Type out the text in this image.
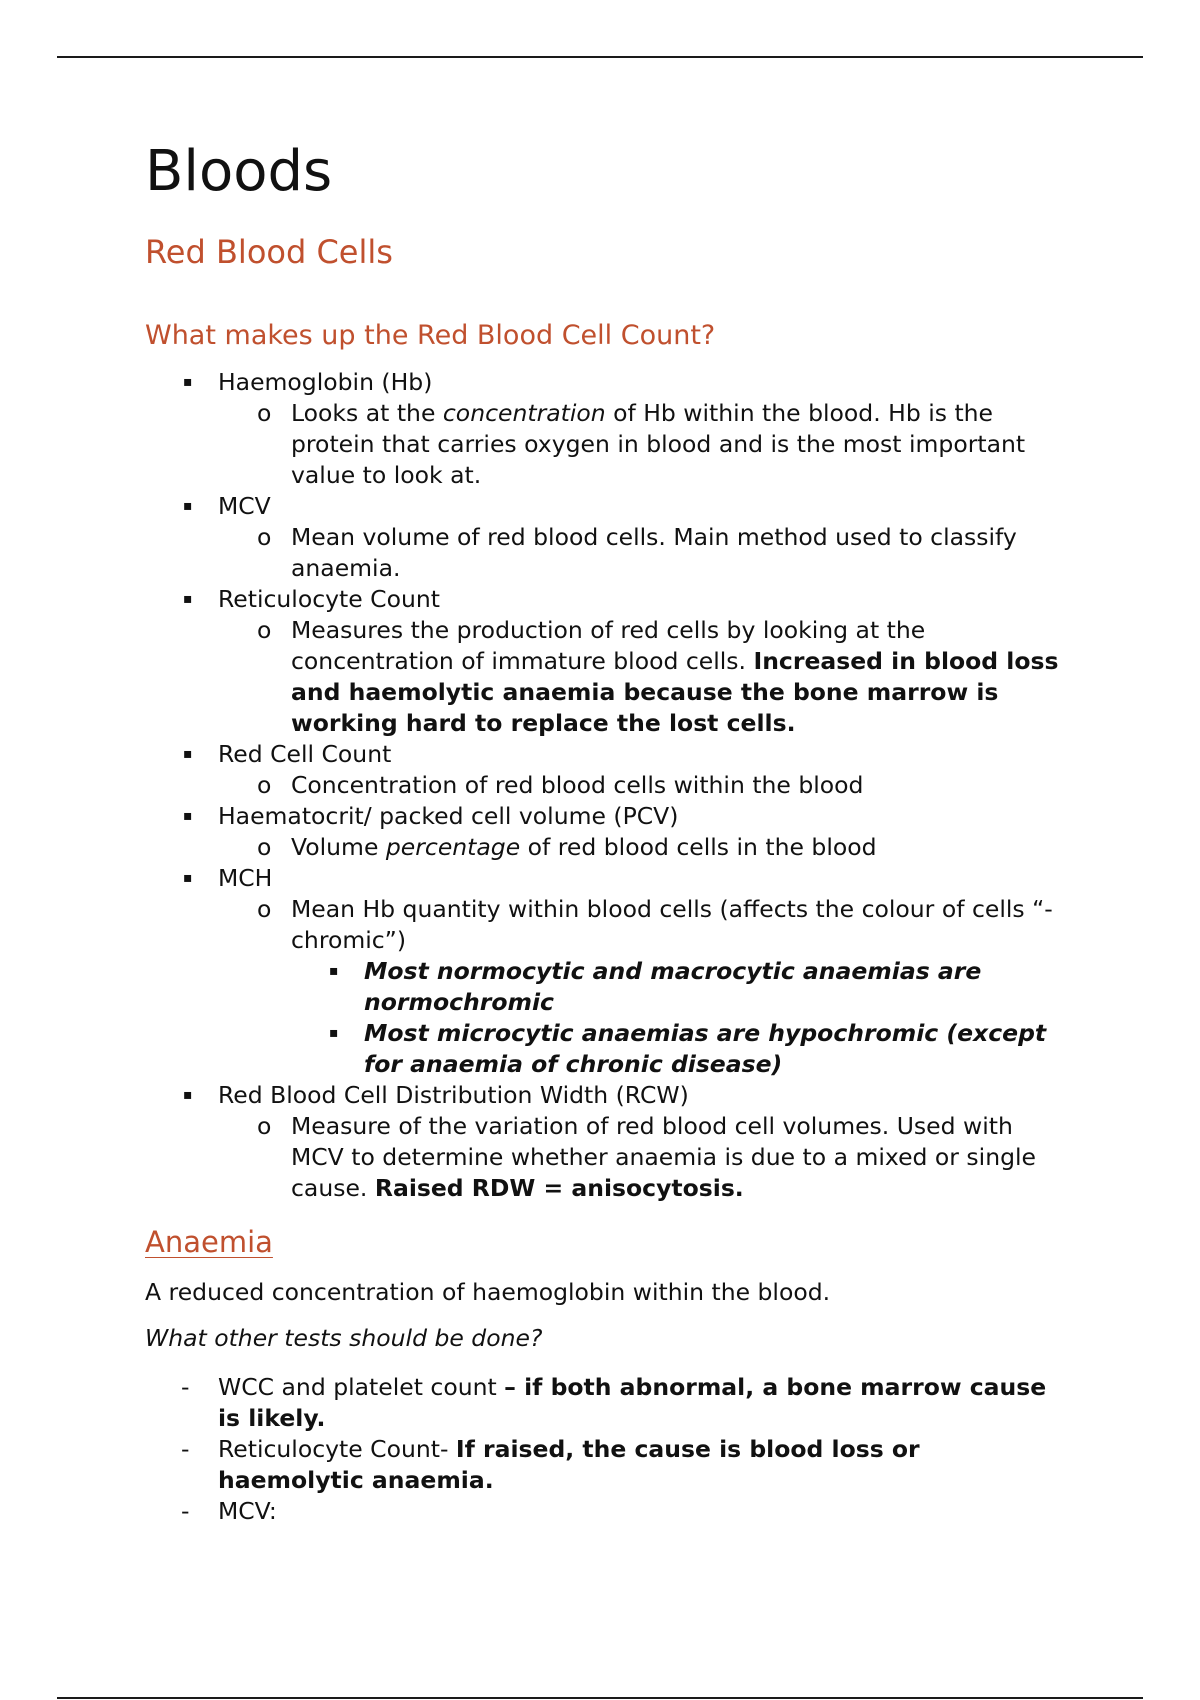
Bloods
Red Blood Cells
What makes up the Red Blood Cell Count?
▪ Haemoglobin (Hb)
o Looks at the concentration of Hb within the blood. Hb is the protein that carries oxygen in blood and is the most important value to look at.
▪ MCV
o Mean volume of red blood cells. Main method used to classify anaemia.
▪ Reticulocyte Count
o Measures the production of red cells by looking at the concentration of immature blood cells. Increased in blood loss and haemolytic anaemia because the bone marrow is working hard to replace the lost cells.
▪ Red Cell Count
o Concentration of red blood cells within the blood
▪ Haematocrit/ packed cell volume (PCV)
o Volume percentage of red blood cells in the blood
▪ MCH
o Mean Hb quantity within blood cells (affects the colour of cells “-chromic”)
▪ Most normocytic and macrocytic anaemias are normochromic
▪ Most microcytic anaemias are hypochromic (except for anaemia of chronic disease)
▪ Red Blood Cell Distribution Width (RCW)
o Measure of the variation of red blood cell volumes. Used with MCV to determine whether anaemia is due to a mixed or single cause. Raised RDW = anisocytosis.
Anaemia

A reduced concentration of haemoglobin within the blood.

What other tests should be done?

- WCC and platelet count – if both abnormal, a bone marrow cause is likely.
- Reticulocyte Count- If raised, the cause is blood loss or haemolytic anaemia.
- MCV:
